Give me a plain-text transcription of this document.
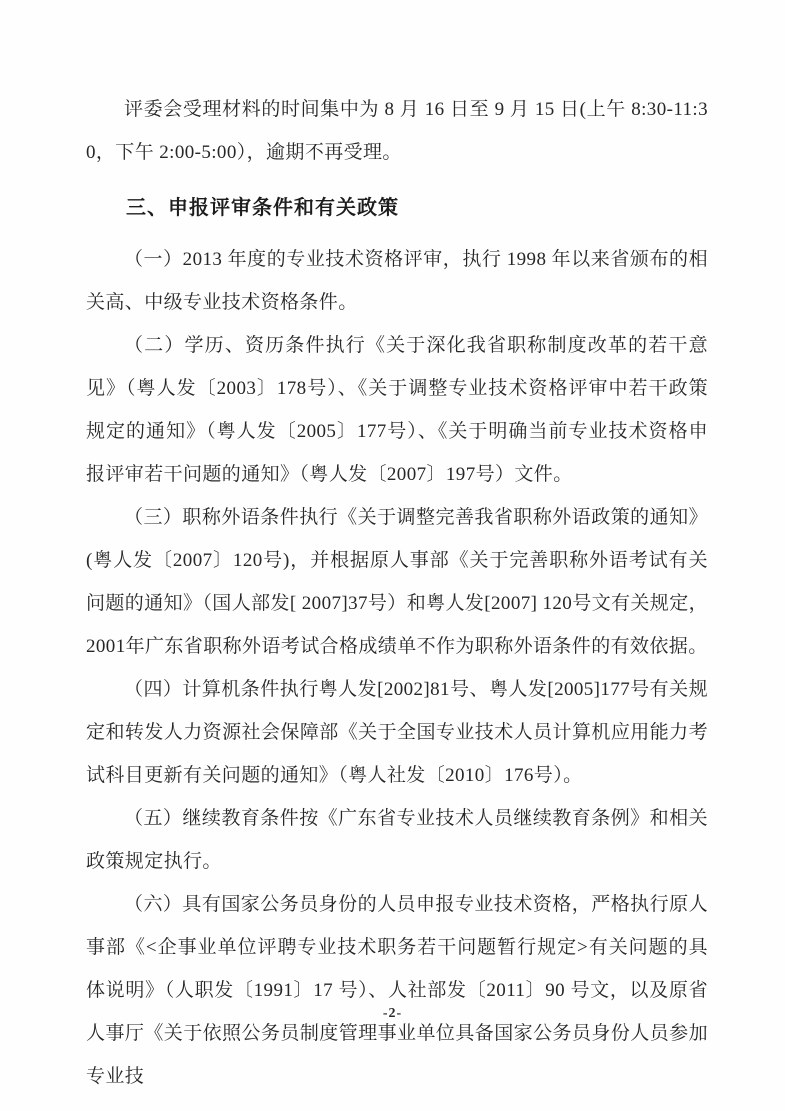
评委会受理材料的时间集中为 8 月 16 日至 9 月 15 日(上午 8:30-11:30，下午 2:00-5:00），逾期不再受理。

三、申报评审条件和有关政策

（一）2013 年度的专业技术资格评审，执行 1998 年以来省颁布的相关高、中级专业技术资格条件。

（二）学历、资历条件执行《关于深化我省职称制度改革的若干意见》（粤人发〔2003〕178号）、《关于调整专业技术资格评审中若干政策规定的通知》（粤人发〔2005〕177号）、《关于明确当前专业技术资格申报评审若干问题的通知》（粤人发〔2007〕197号）文件。

（三）职称外语条件执行《关于调整完善我省职称外语政策的通知》(粤人发〔2007〕120号)，并根据原人事部《关于完善职称外语考试有关问题的通知》（国人部发[ 2007]37号）和粤人发[2007] 120号文有关规定，2001年广东省职称外语考试合格成绩单不作为职称外语条件的有效依据。

（四）计算机条件执行粤人发[2002]81号、粤人发[2005]177号有关规定和转发人力资源社会保障部《关于全国专业技术人员计算机应用能力考试科目更新有关问题的通知》（粤人社发〔2010〕176号）。

（五）继续教育条件按《广东省专业技术人员继续教育条例》和相关政策规定执行。

（六）具有国家公务员身份的人员申报专业技术资格，严格执行原人事部《<企事业单位评聘专业技术职务若干问题暂行规定>有关问题的具体说明》（人职发〔1991〕17 号）、人社部发〔2011〕90 号文，以及原省人事厅《关于依照公务员制度管理事业单位具备国家公务员身份人员参加专业技

-2-
